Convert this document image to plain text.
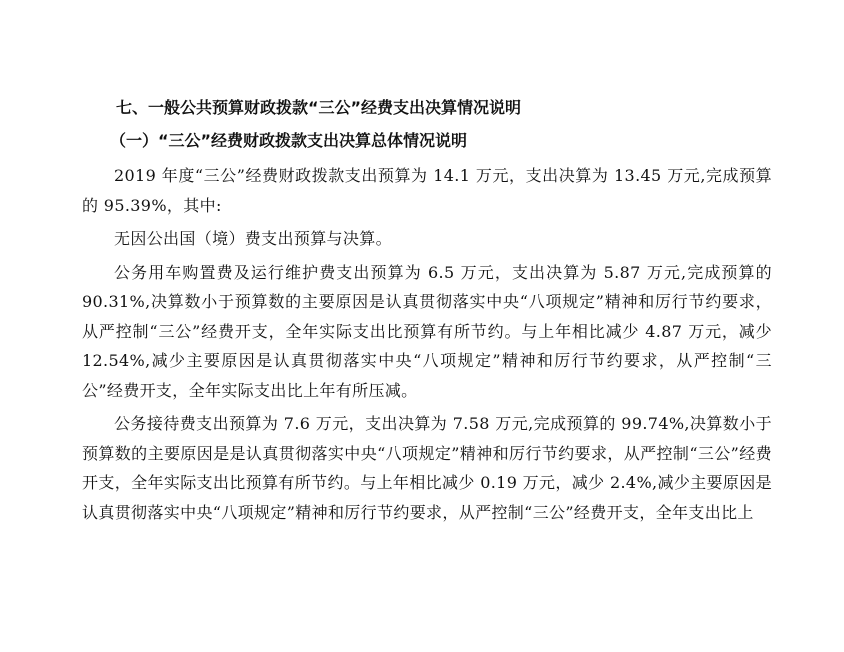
七、一般公共预算财政拨款“三公”经费支出决算情况说明
（一）“三公”经费财政拨款支出决算总体情况说明

2019 年度“三公”经费财政拨款支出预算为 14.1 万元，支出决算为 13.45 万元,完成预算的 95.39%，其中:

无因公出国（境）费支出预算与决算。

公务用车购置费及运行维护费支出预算为 6.5 万元，支出决算为 5.87 万元,完成预算的 90.31%,决算数小于预算数的主要原因是认真贯彻落实中央“八项规定”精神和厉行节约要求，从严控制“三公”经费开支，全年实际支出比预算有所节约。与上年相比减少 4.87 万元，减少 12.54%,减少主要原因是认真贯彻落实中央“八项规定”精神和厉行节约要求，从严控制“三公”经费开支，全年实际支出比上年有所压减。

公务接待费支出预算为 7.6 万元，支出决算为 7.58 万元,完成预算的 99.74%,决算数小于预算数的主要原因是是认真贯彻落实中央“八项规定”精神和厉行节约要求，从严控制“三公”经费开支，全年实际支出比预算有所节约。与上年相比减少 0.19 万元，减少 2.4%,减少主要原因是认真贯彻落实中央“八项规定”精神和厉行节约要求，从严控制“三公”经费开支，全年支出比上
